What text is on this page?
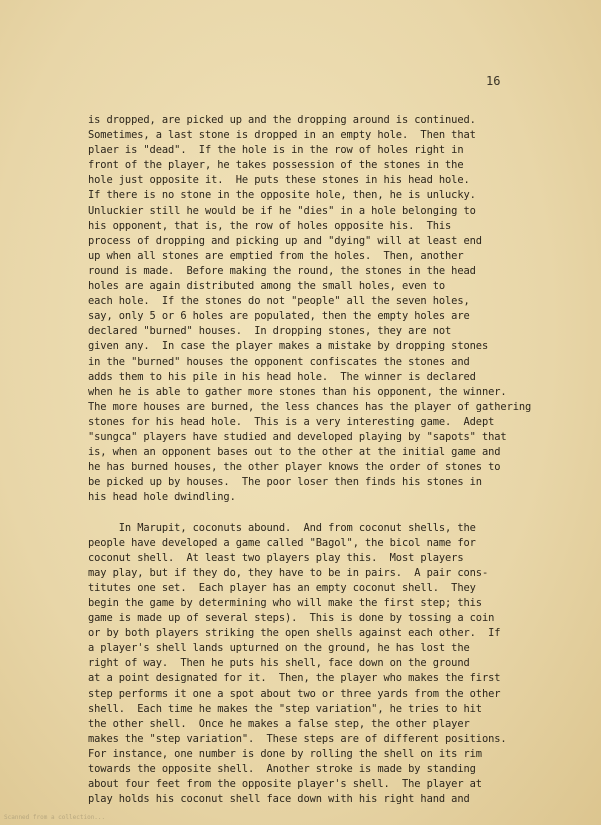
16
is dropped, are picked up and the dropping around is continued.
Sometimes, a last stone is dropped in an empty hole.  Then that
plaer is "dead".  If the hole is in the row of holes right in
front of the player, he takes possession of the stones in the
hole just opposite it.  He puts these stones in his head hole.
If there is no stone in the opposite hole, then, he is unlucky.
Unluckier still he would be if he "dies" in a hole belonging to
his opponent, that is, the row of holes opposite his.  This
process of dropping and picking up and "dying" will at least end
up when all stones are emptied from the holes.  Then, another
round is made.  Before making the round, the stones in the head
holes are again distributed among the small holes, even to
each hole.  If the stones do not "people" all the seven holes,
say, only 5 or 6 holes are populated, then the empty holes are
declared "burned" houses.  In dropping stones, they are not
given any.  In case the player makes a mistake by dropping stones
in the "burned" houses the opponent confiscates the stones and
adds them to his pile in his head hole.  The winner is declared
when he is able to gather more stones than his opponent, the winner.
The more houses are burned, the less chances has the player of gathering
stones for his head hole.  This is a very interesting game.  Adept
"sungca" players have studied and developed playing by "sapots" that
is, when an opponent bases out to the other at the initial game and
he has burned houses, the other player knows the order of stones to
be picked up by houses.  The poor loser then finds his stones in
his head hole dwindling.
In Marupit, coconuts abound.  And from coconut shells, the
people have developed a game called "Bagol", the bicol name for
coconut shell.  At least two players play this.  Most players
may play, but if they do, they have to be in pairs.  A pair cons-
titutes one set.  Each player has an empty coconut shell.  They
begin the game by determining who will make the first step; this
game is made up of several steps).  This is done by tossing a coin
or by both players striking the open shells against each other.  If
a player's shell lands upturned on the ground, he has lost the
right of way.  Then he puts his shell, face down on the ground
at a point designated for it.  Then, the player who makes the first
step performs it one a spot about two or three yards from the other
shell.  Each time he makes the "step variation", he tries to hit
the other shell.  Once he makes a false step, the other player
makes the "step variation".  These steps are of different positions.
For instance, one number is done by rolling the shell on its rim
towards the opposite shell.  Another stroke is made by standing
about four feet from the opposite player's shell.  The player at
play holds his coconut shell face down with his right hand and
Scanned from a collection...
